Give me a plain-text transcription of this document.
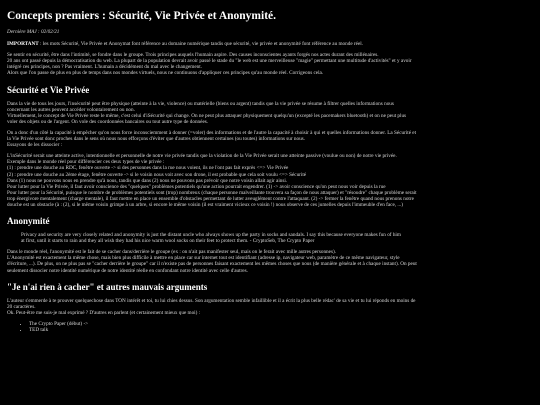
Concepts premiers : Sécurité, Vie Privée et Anonymité.

Dernière MAJ : 02/02/21

IMPORTANT : les mots Sécurité, Vie Privée et Anonymat font référence au domaine numérique tandis que sécurité, vie privée et anonymité font référence au monde réel.

Se sentir en sécurité, être dans l'intimité, se fondre dans le groupe. Trois principes auquels l'humain aspire. Des causes inconscientes ayants forgés nos actes durant des millénaires.
20 ans ont passé depuis la démocratisation du web. La plupart de la population devrait avoir passé le stade du "le web est une merveilleuse "magie" permettant une multitude d'activités" et y avoir
intégré ces principes, non ? Pas vraiment. L'humain a décidément du mal avec le changement.
Alors que l'on passe de plus en plus de temps dans nos mondes virtuels, nous ne continuons d'appliquer ces principes qu'au monde réel. Corrigeons cela.

Sécurité et Vie Privée

Dans la vie de tous les jours, l'insécurité peut être physique (atteinte à la vie, violence) ou matérielle (biens ou argent) tandis que la vie privée se résume à filtrer quelles informations nous
concernant les autres peuvent accéder volontairement ou non.
Virtuellement, le concept de Vie Privée reste le même, c'est celui d'iSécurité qui change. On ne peut plus attaquer physiquement quelqu'un (excepté les pacemakers bluetooth) et on ne peut plus
voler des objets ou de l'argent. On vole des coordonnées bancaires ou tout autre type de données.

On a donc d'un côté la capacité à empêcher qu'on nous force inconsciemment à donner (=voler) des informations et de l'autre la capacité à choisir à qui et quelles informations donner. La Sécurité et
la Vie Privée sont donc proches dans le sens où nous nous efforçons d'éviter que d'autres obtiennent certaines (ou toutes) informations sur nous.
Essayons de les dissocier :

L'inSécurité serait une atteinte active, intentionnelle et personnelle de notre vie privée tandis que la violation de la Vie Privée serait une atteinte passive (voulue ou non) de notre vie privée.
Exemple dans le monde réel pour différencier ces deux types de vie privée :
(1) : prendre une douche au RDC, fenêtre ouverte -> si des personnes dans la rue nous voient, ils ne l'ont pas fait exprès <=> Vie Privée
(2) : prendre une douche au 2ème étage, fenêtre ouverte -> si le voisin nous voit avec son drone, il est probable que cela soit voulu <=> Sécurité
Dans (1) nous ne pouvons nous en prendre qu'à nous, tandis que dans (2) nous ne pouvons pas prévoir que notre voisin allait agir ainsi.
Pour lutter pour la Vie Privée, il faut avoir conscience des "quelques" problèmes potentiels qu'une action pourrait engendrer. (1) -> avoir conscience qu'on peut nous voir depuis la rue
Pour lutter pour la Sécurité, puisque le nombre de problèmes potentiels sont (trop) nombreux (chaque personne malveillante trouvera sa façon de nous attaquer) et "résoudre" chaque problème serait
trop énergivore mentalement (charge mentale), il faut mettre en place un ensemble d'obstacles permettant de lutter aveuglément contre l'attaquant. (2) -> fermer la fenêtre quand nous prenons notre
douche est un obstacle (à : (2), si le même voisin grimpe à un arbre, si encore le même voisin (il est vraiment vicieux ce voisin !) nous observe de ces jumelles depuis l'immeuble d'en face, ...)

Anonymité

Privacy and security are very closely related and anonymity is just the distant uncle who always shows up the party in socks and sandals. I say this because everyone makes fun of him
at first, until it starts to rain and they all wish they had his nice warm wool socks on their feet to protect them. - CryptoSeb, The Crypto Paper

Dans le monde réel, l'anonymité est le fait de se cacher dans/derrière le groupe (ex : on n'ait pas manifester seul, mais on le ferait avec mille autres personnes).
L'Anonymité est exactement la même chose, mais bien plus difficile à mettre en place car sur internet tout est identifiant (adresse ip, navigateur web, paramètre de ce même navigateur, style
d'écriture, ...). De plus, on ne plus pas se "cacher derrière le groupe" car il n'existe pas de personnes faisant exactement les mêmes choses que nous (de manière générale et à chaque instant). On peut
seulement dissocier notre identité numérique de notre identité réelle en confondant notre identité avec celle d'autres.

"Je n'ai rien à cacher" et autres mauvais arguments

L'auteur s'emmerde à te prouver quelquechose dans TON intérêt et toi, tu lui chies dessus. Son argumentation semble infaillible et il a écrit la plus belle rédac' de sa vie et tu lui réponds en moins de
20 caractères.
Ok. Peut-être me suis-je mal exprimé ? D'autres en parlent (et certainement mieux que moi) :

• The Crypto Paper (début) ->
• TED talk
